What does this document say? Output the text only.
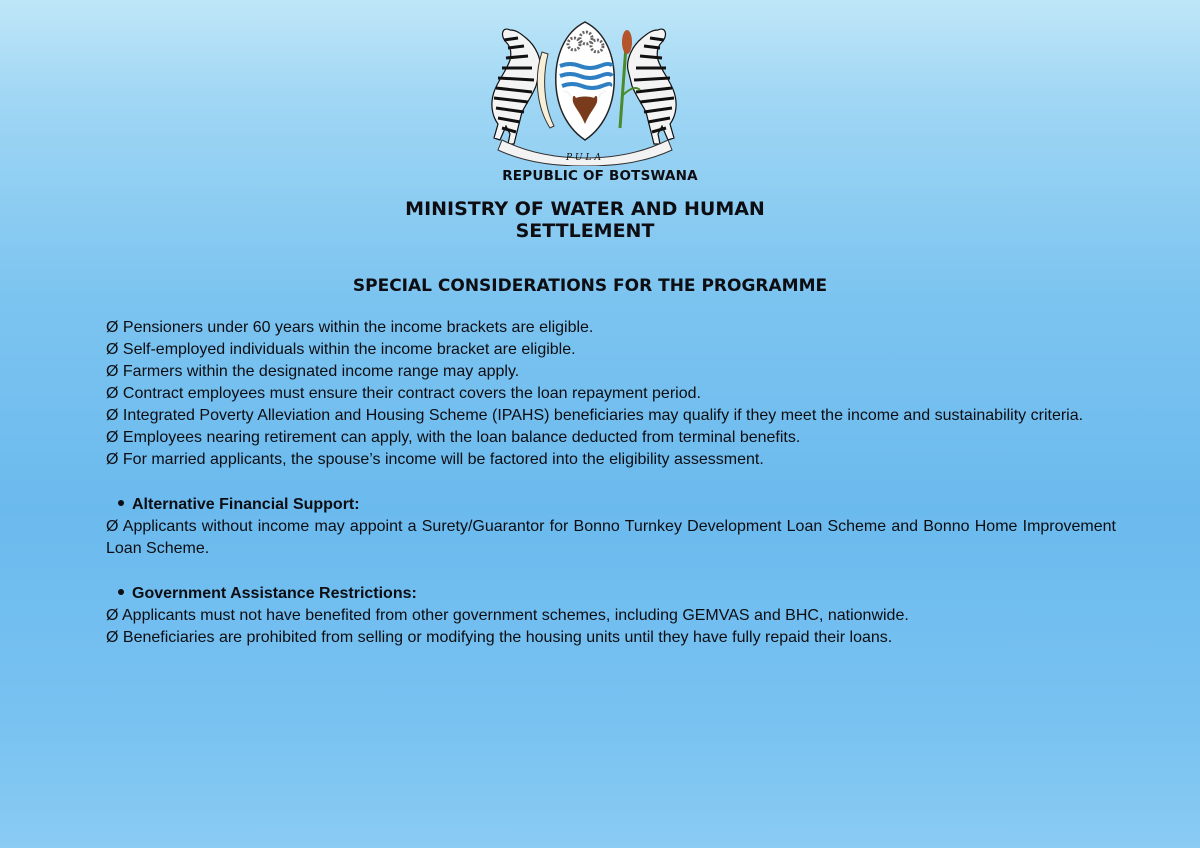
PULA
REPUBLIC OF BOTSWANA
MINISTRY OF WATER AND HUMAN
SETTLEMENT
SPECIAL CONSIDERATIONS FOR THE PROGRAMME

Ø Pensioners under 60 years within the income brackets are eligible.

Ø Self-employed individuals within the income bracket are eligible.

Ø Farmers within the designated income range may apply.

Ø Contract employees must ensure their contract covers the loan repayment period.

Ø Integrated Poverty Alleviation and Housing Scheme (IPAHS) beneficiaries may qualify if they meet the income and sustainability criteria.

Ø Employees nearing retirement can apply, with the loan balance deducted from terminal benefits.

Ø For married applicants, the spouse’s income will be factored into the eligibility assessment.

Alternative Financial Support:

Ø Applicants without income may appoint a Surety/Guarantor for Bonno Turnkey Development Loan Scheme and Bonno Home Improvement Loan Scheme.

Government Assistance Restrictions:

Ø Applicants must not have benefited from other government schemes, including GEMVAS and BHC, nationwide.

Ø Beneficiaries are prohibited from selling or modifying the housing units until they have fully repaid their loans.
